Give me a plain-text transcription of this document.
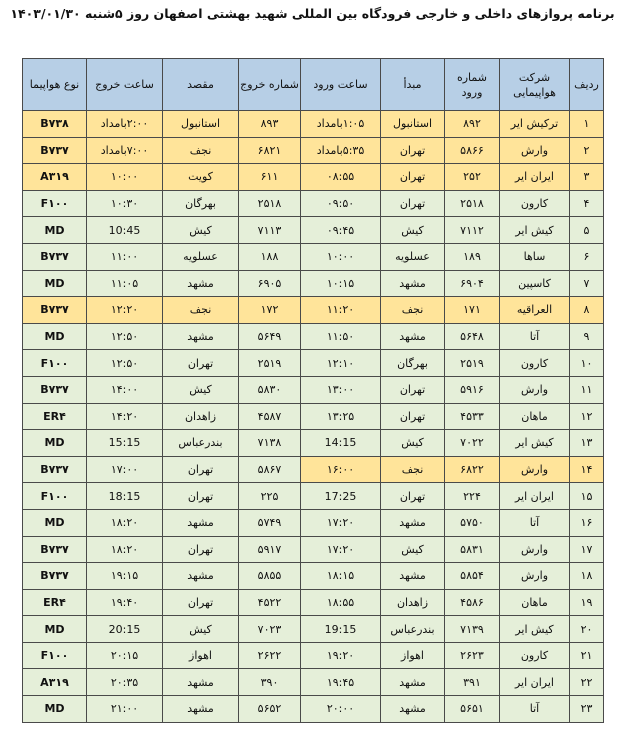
برنامه پروازهای داخلی و خارجی فرودگاه بین المللی شهید بهشتی اصفهان روز ۵شنبه ۱۴۰۳/۰۱/۳۰
ردیف	شرکت هواپیمایی	شماره ورود	مبدأ	ساعت ورود	شماره خروج	مقصد	ساعت خروج	نوع هواپیما
۱	ترکیش ایر	۸۹۲	استانبول	۱:۰۵بامداد	۸۹۳	استانبول	۲:۰۰بامداد	B۷۳۸
۲	وارش	۵۸۶۶	تهران	۵:۳۵بامداد	۶۸۲۱	نجف	۷:۰۰بامداد	B۷۳۷
۳	ایران ایر	۲۵۲	تهران	۰۸:۵۵	۶۱۱	کویت	۱۰:۰۰	A۳۱۹
۴	کارون	۲۵۱۸	تهران	۰۹:۵۰	۲۵۱۸	بهرگان	۱۰:۳۰	F۱۰۰
۵	کیش ایر	۷۱۱۲	کیش	۰۹:۴۵	۷۱۱۳	کیش	10:45	MD
۶	ساها	۱۸۹	عسلویه	۱۰:۰۰	۱۸۸	عسلویه	۱۱:۰۰	B۷۳۷
۷	کاسپین	۶۹۰۴	مشهد	۱۰:۱۵	۶۹۰۵	مشهد	۱۱:۰۵	MD
۸	العراقیه	۱۷۱	نجف	۱۱:۲۰	۱۷۲	نجف	۱۲:۲۰	B۷۳۷
۹	آتا	۵۶۴۸	مشهد	۱۱:۵۰	۵۶۴۹	مشهد	۱۲:۵۰	MD
۱۰	کارون	۲۵۱۹	بهرگان	۱۲:۱۰	۲۵۱۹	تهران	۱۲:۵۰	F۱۰۰
۱۱	وارش	۵۹۱۶	تهران	۱۳:۰۰	۵۸۳۰	کیش	۱۴:۰۰	B۷۳۷
۱۲	ماهان	۴۵۳۳	تهران	۱۳:۲۵	۴۵۸۷	زاهدان	۱۴:۲۰	ER۴
۱۳	کیش ایر	۷۰۲۲	کیش	14:15	۷۱۳۸	بندرعباس	15:15	MD
۱۴	وارش	۶۸۲۲	نجف	۱۶:۰۰	۵۸۶۷	تهران	۱۷:۰۰	B۷۳۷
۱۵	ایران ایر	۲۲۴	تهران	17:25	۲۲۵	تهران	18:15	F۱۰۰
۱۶	آتا	۵۷۵۰	مشهد	۱۷:۲۰	۵۷۴۹	مشهد	۱۸:۲۰	MD
۱۷	وارش	۵۸۳۱	کیش	۱۷:۲۰	۵۹۱۷	تهران	۱۸:۲۰	B۷۳۷
۱۸	وارش	۵۸۵۴	مشهد	۱۸:۱۵	۵۸۵۵	مشهد	۱۹:۱۵	B۷۳۷
۱۹	ماهان	۴۵۸۶	زاهدان	۱۸:۵۵	۴۵۲۲	تهران	۱۹:۴۰	ER۴
۲۰	کیش ایر	۷۱۳۹	بندرعباس	19:15	۷۰۲۳	کیش	20:15	MD
۲۱	کارون	۲۶۲۳	اهواز	۱۹:۲۰	۲۶۲۲	اهواز	۲۰:۱۵	F۱۰۰
۲۲	ایران ایر	۳۹۱	مشهد	۱۹:۴۵	۳۹۰	مشهد	۲۰:۳۵	A۳۱۹
۲۳	آتا	۵۶۵۱	مشهد	۲۰:۰۰	۵۶۵۲	مشهد	۲۱:۰۰	MD
